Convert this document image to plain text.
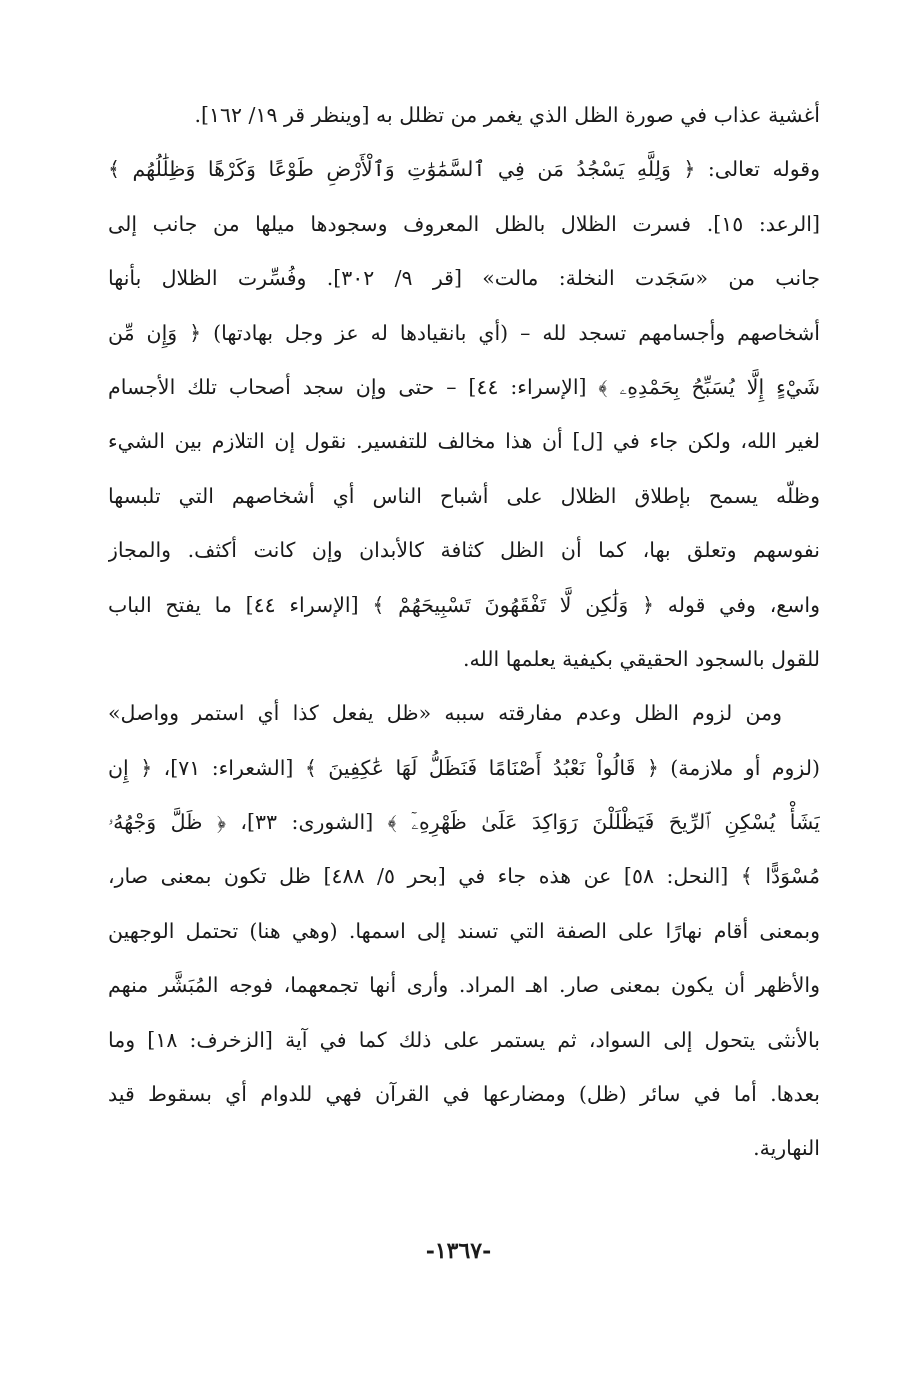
أغشية عذاب في صورة الظل الذي يغمر من تظلل به [وينظر قر ١٩/ ١٦٢].
وقوله تعالى: ﴿ وَلِلَّهِ يَسْجُدُ مَن فِي ٱلسَّمَٰوَٰتِ وَٱلْأَرْضِ طَوْعًا وَكَرْهًا وَظِلَٰلُهُم ﴾
[الرعد: ١٥]. فسرت الظلال بالظل المعروف وسجودها ميلها من جانب إلى
جانب من «سَجَدت النخلة: مالت» [قر ٩/ ٣٠٢]. وفُسِّرت الظلال بأنها
أشخاصهم وأجسامهم تسجد لله – (أي بانقيادها له عز وجل بهادتها) ﴿ وَإِن مِّن
شَيْءٍ إِلَّا يُسَبِّحُ بِحَمْدِهِۦ ﴾ [الإسراء: ٤٤] – حتى وإن سجد أصحاب تلك الأجسام
لغير الله، ولكن جاء في [ل] أن هذا مخالف للتفسير. نقول إن التلازم بين الشيء
وظلّه يسمح بإطلاق الظلال على أشباح الناس أي أشخاصهم التي تلبسها
نفوسهم وتعلق بها، كما أن الظل كثافة كالأبدان وإن كانت أكثف. والمجاز
واسع، وفي قوله ﴿ وَلَٰكِن لَّا تَفْقَهُونَ تَسْبِيحَهُمْ ﴾ [الإسراء ٤٤] ما يفتح الباب
للقول بالسجود الحقيقي بكيفية يعلمها الله.
ومن لزوم الظل وعدم مفارقته سببه «ظل يفعل كذا أي استمر وواصل»
(لزوم أو ملازمة) ﴿ قَالُواْ نَعْبُدُ أَصْنَامًا فَنَظَلُّ لَهَا عَٰكِفِينَ ﴾ [الشعراء: ٧١]، ﴿ إِن
يَشَأْ يُسْكِنِ ٱلرِّيحَ فَيَظْلَلْنَ رَوَاكِدَ عَلَىٰ ظَهْرِهِۦٓ ﴾ [الشورى: ٣٣]، ﴿ ظَلَّ وَجْهُهُۥ
مُسْوَدًّا ﴾ [النحل: ٥٨] عن هذه جاء في [بحر ٥/ ٤٨٨] ظل تكون بمعنى صار،
وبمعنى أقام نهارًا على الصفة التي تسند إلى اسمها. (وهي هنا) تحتمل الوجهين
والأظهر أن يكون بمعنى صار. اهـ المراد. وأرى أنها تجمعهما، فوجه المُبَشَّر منهم
بالأنثى يتحول إلى السواد، ثم يستمر على ذلك كما في آية [الزخرف: ١٨] وما
بعدها. أما في سائر (ظل) ومضارعها في القرآن فهي للدوام أي بسقوط قيد
النهارية.
-١٣٦٧-
